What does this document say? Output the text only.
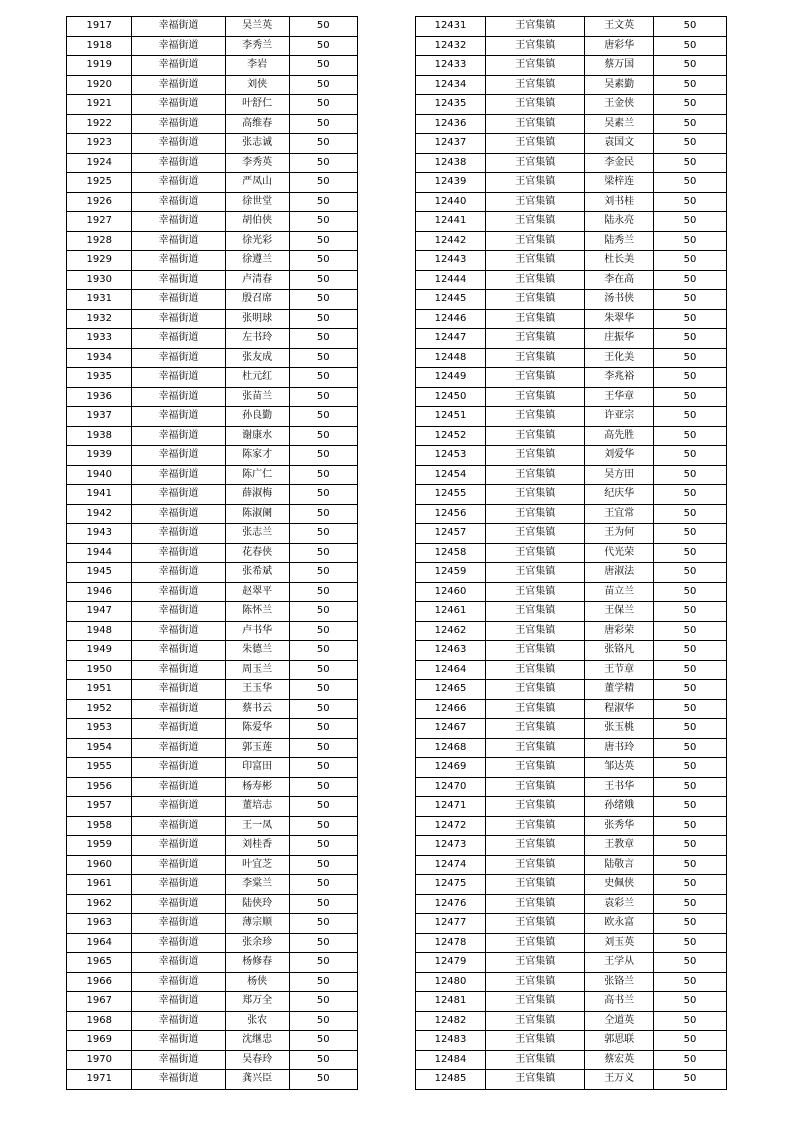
1917	幸福街道	吴兰英	50
1918	幸福街道	李秀兰	50
1919	幸福街道	李岩	50
1920	幸福街道	刘侠	50
1921	幸福街道	叶舒仁	50
1922	幸福街道	高维春	50
1923	幸福街道	张志诚	50
1924	幸福街道	李秀英	50
1925	幸福街道	严凤山	50
1926	幸福街道	徐世堂	50
1927	幸福街道	胡伯侠	50
1928	幸福街道	徐光彩	50
1929	幸福街道	徐遵兰	50
1930	幸福街道	卢清春	50
1931	幸福街道	殷召席	50
1932	幸福街道	张明球	50
1933	幸福街道	左书玲	50
1934	幸福街道	张友成	50
1935	幸福街道	杜元红	50
1936	幸福街道	张苗兰	50
1937	幸福街道	孙良勤	50
1938	幸福街道	谢康水	50
1939	幸福街道	陈家才	50
1940	幸福街道	陈广仁	50
1941	幸福街道	薛淑梅	50
1942	幸福街道	陈淑阑	50
1943	幸福街道	张志兰	50
1944	幸福街道	花春侠	50
1945	幸福街道	张希斌	50
1946	幸福街道	赵翠平	50
1947	幸福街道	陈怀兰	50
1948	幸福街道	卢书华	50
1949	幸福街道	朱德兰	50
1950	幸福街道	周玉兰	50
1951	幸福街道	王玉华	50
1952	幸福街道	蔡书云	50
1953	幸福街道	陈爱华	50
1954	幸福街道	郭玉莲	50
1955	幸福街道	印富田	50
1956	幸福街道	杨寿彬	50
1957	幸福街道	董培志	50
1958	幸福街道	王一凤	50
1959	幸福街道	刘桂香	50
1960	幸福街道	叶宜芝	50
1961	幸福街道	李棠兰	50
1962	幸福街道	陆侠玲	50
1963	幸福街道	薄宗顺	50
1964	幸福街道	张余珍	50
1965	幸福街道	杨修春	50
1966	幸福街道	杨侠	50
1967	幸福街道	郑万全	50
1968	幸福街道	张农	50
1969	幸福街道	沈继忠	50
1970	幸福街道	吴春玲	50
1971	幸福街道	龚兴臣	50
12431	王官集镇	王文英	50
12432	王官集镇	唐彩华	50
12433	王官集镇	蔡万国	50
12434	王官集镇	吴素勤	50
12435	王官集镇	王金侠	50
12436	王官集镇	吴素兰	50
12437	王官集镇	袁国文	50
12438	王官集镇	李金民	50
12439	王官集镇	梁梓连	50
12440	王官集镇	刘书桂	50
12441	王官集镇	陆永亮	50
12442	王官集镇	陆秀兰	50
12443	王官集镇	杜长美	50
12444	王官集镇	李在高	50
12445	王官集镇	汤书侠	50
12446	王官集镇	朱翠华	50
12447	王官集镇	庄振华	50
12448	王官集镇	王化美	50
12449	王官集镇	李兆裕	50
12450	王官集镇	王华章	50
12451	王官集镇	许亚宗	50
12452	王官集镇	高先胜	50
12453	王官集镇	刘爱华	50
12454	王官集镇	吴方田	50
12455	王官集镇	纪庆华	50
12456	王官集镇	王宜常	50
12457	王官集镇	王为何	50
12458	王官集镇	代光荣	50
12459	王官集镇	唐淑法	50
12460	王官集镇	苗立兰	50
12461	王官集镇	王保兰	50
12462	王官集镇	唐彩荣	50
12463	王官集镇	张铬凡	50
12464	王官集镇	王节章	50
12465	王官集镇	董学精	50
12466	王官集镇	程淑华	50
12467	王官集镇	张玉桃	50
12468	王官集镇	唐书玲	50
12469	王官集镇	邹达英	50
12470	王官集镇	王书华	50
12471	王官集镇	孙绪娥	50
12472	王官集镇	张秀华	50
12473	王官集镇	王教章	50
12474	王官集镇	陆敬言	50
12475	王官集镇	史佩侠	50
12476	王官集镇	袁彩兰	50
12477	王官集镇	欧永富	50
12478	王官集镇	刘玉英	50
12479	王官集镇	王学从	50
12480	王官集镇	张铬兰	50
12481	王官集镇	高书兰	50
12482	王官集镇	仝道英	50
12483	王官集镇	郭思联	50
12484	王官集镇	蔡宏英	50
12485	王官集镇	王万义	50
